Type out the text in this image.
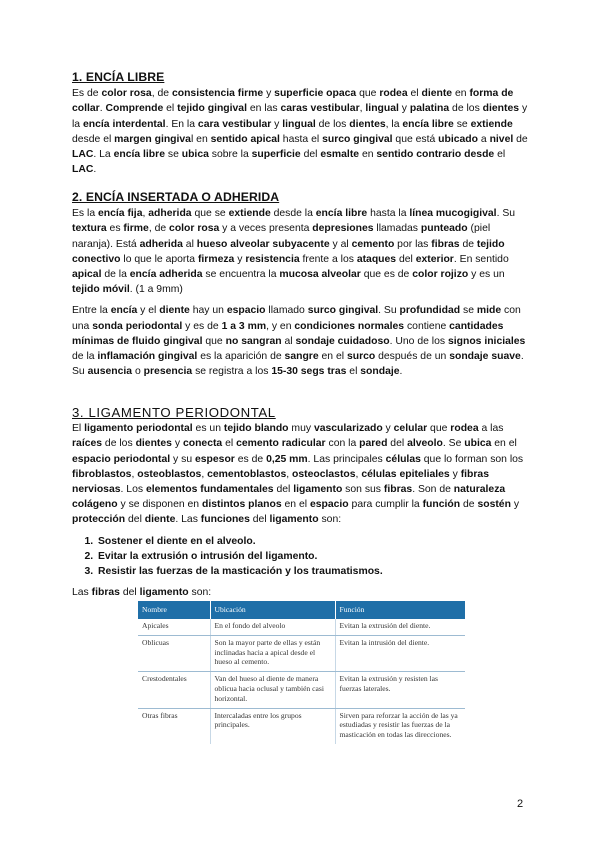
1. ENCÍA LIBRE

Es de color rosa, de consistencia firme y superficie opaca que rodea el diente en forma de collar. Comprende el tejido gingival en las caras vestibular, lingual y palatina de los dientes y la encía interdental. En la cara vestibular y lingual de los dientes, la encía libre se extiende desde el margen gingival en sentido apical hasta el surco gingival que está ubicado a nivel de LAC. La encía libre se ubica sobre la superficie del esmalte en sentido contrario desde el LAC.

2. ENCÍA INSERTADA O ADHERIDA

Es la encía fija, adherida que se extiende desde la encía libre hasta la línea mucogigival. Su textura es firme, de color rosa y a veces presenta depresiones llamadas punteado (piel naranja). Está adherida al hueso alveolar subyacente y al cemento por las fibras de tejido conectivo lo que le aporta firmeza y resistencia frente a los ataques del exterior. En sentido apical de la encía adherida se encuentra la mucosa alveolar que es de color rojizo y es un tejido móvil. (1 a 9mm)

Entre la encía y el diente hay un espacio llamado surco gingival. Su profundidad se mide con una sonda periodontal y es de 1 a 3 mm, y en condiciones normales contiene cantidades mínimas de fluido gingival que no sangran al sondaje cuidadoso. Uno de los signos iniciales de la inflamación gingival es la aparición de sangre en el surco después de un sondaje suave. Su ausencia o presencia se registra a los 15-30 segs tras el sondaje.

3. LIGAMENTO PERIODONTAL

El ligamento periodontal es un tejido blando muy vascularizado y celular que rodea a las raíces de los dientes y conecta el cemento radicular con la pared del alveolo. Se ubica en el espacio periodontal y su espesor es de 0,25 mm. Las principales células que lo forman son los fibroblastos, osteoblastos, cementoblastos, osteoclastos, células epiteliales y fibras nerviosas. Los elementos fundamentales del ligamento son sus fibras. Son de naturaleza colágeno y se disponen en distintos planos en el espacio para cumplir la función de sostén y protección del diente. Las funciones del ligamento son:

1. Sostener el diente en el alveolo.
2. Evitar la extrusión o intrusión del ligamento.
3. Resistir las fuerzas de la masticación y los traumatismos.

Las fibras del ligamento son:

Nombre	Ubicación	Función
Apicales	En el fondo del alveolo	Evitan la extrusión del diente.
Oblicuas	Son la mayor parte de ellas y están inclinadas hacia a apical desde el hueso al cemento.	Evitan la intrusión del diente.
Crestodentales	Van del hueso al diente de manera oblicua hacia oclusal y también casi horizontal.	Evitan la extrusión y resisten las fuerzas laterales.
Otras fibras	Intercaladas entre los grupos principales.	Sirven para reforzar la acción de las ya estudiadas y resistir las fuerzas de la masticación en todas las direcciones.
2
